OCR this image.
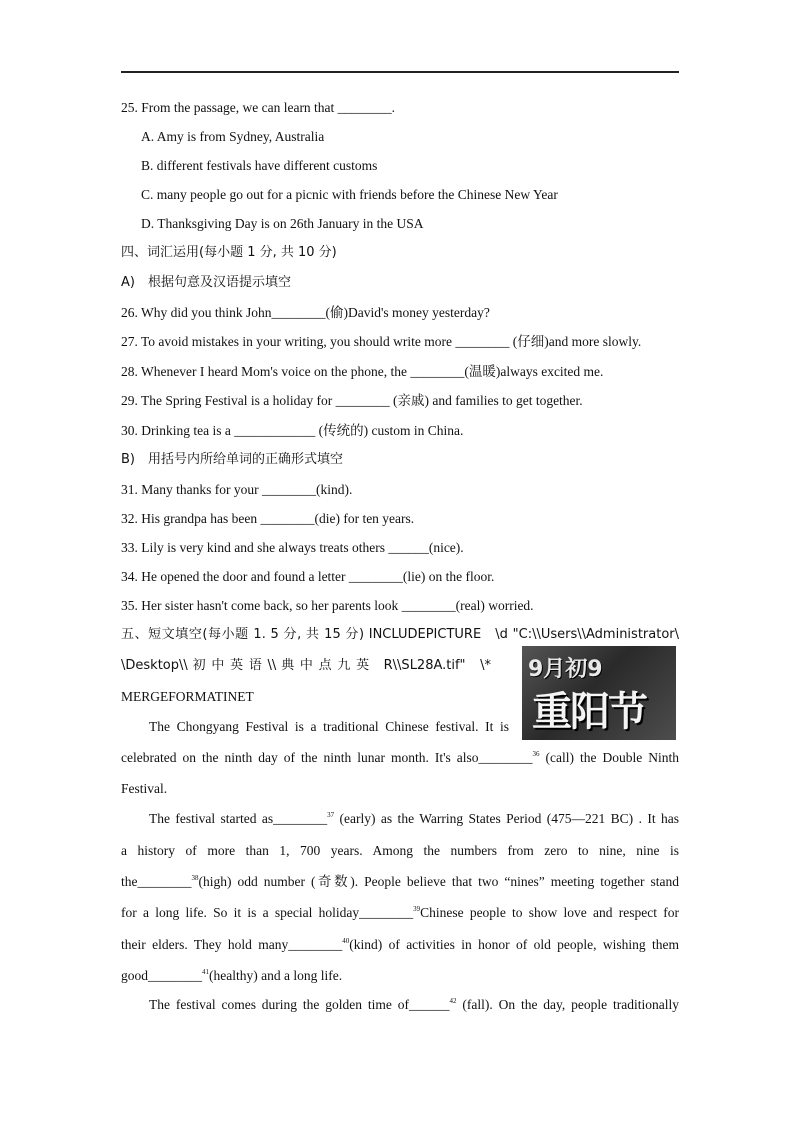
25. From the passage, we can learn that ________.
A. Amy is from Sydney, Australia
B. different festivals have different customs
C. many people go out for a picnic with friends before the Chinese New Year
D. Thanksgiving Day is on 26th January in the USA
四、词汇运用(每小题 1 分, 共 10 分)
A)　根据句意及汉语提示填空
26. Why did you think John________(偷)David's money yesterday?
27. To avoid mistakes in your writing, you should write more ________ (仔细)and more slowly.
28. Whenever I heard Mom's voice on the phone, the ________(温暖)always excited me.
29. The Spring Festival is a holiday for ________ (亲戚) and families to get together.
30. Drinking tea is a ____________ (传统的) custom in China.
B)　用括号内所给单词的正确形式填空
31. Many thanks for your ________(kind).
32. His grandpa has been ________(die) for ten years.
33. Lily is very kind and she always treats others ______(nice).
34. He opened the door and found a letter ________(lie) on the floor.
35. Her sister hasn't come back, so her parents look ________(real) worried.
五、短文填空(每小题 1. 5 分, 共 15 分) INCLUDEPICTURE　\d "C:\\Users\\Administrator\
\Desktop\\ 初 中 英 语 \\ 典 中 点 九 英　R\\SL28A.tif"　\*
MERGEFORMATINET
9月初9
重阳节
The Chongyang Festival is a traditional Chinese festival. It is
celebrated on the ninth day of the ninth lunar month. It's also________$^{36}$ (call) the Double Ninth
Festival.
The festival started as________$^{37}$ (early) as the Warring States Period (475—221 BC) . It has
a history of more than 1, 700 years. Among the numbers from zero to nine, nine is
the________$^{38}$(high) odd number (奇数). People believe that two “nines” meeting together stand
for a long life. So it is a special holiday________$^{39}$Chinese people to show love and respect for
their elders. They hold many________$^{40}$(kind) of activities in honor of old people, wishing them
good________$^{41}$(healthy) and a long life.
The festival comes during the golden time of______$^{42}$ (fall). On the day, people traditionally
